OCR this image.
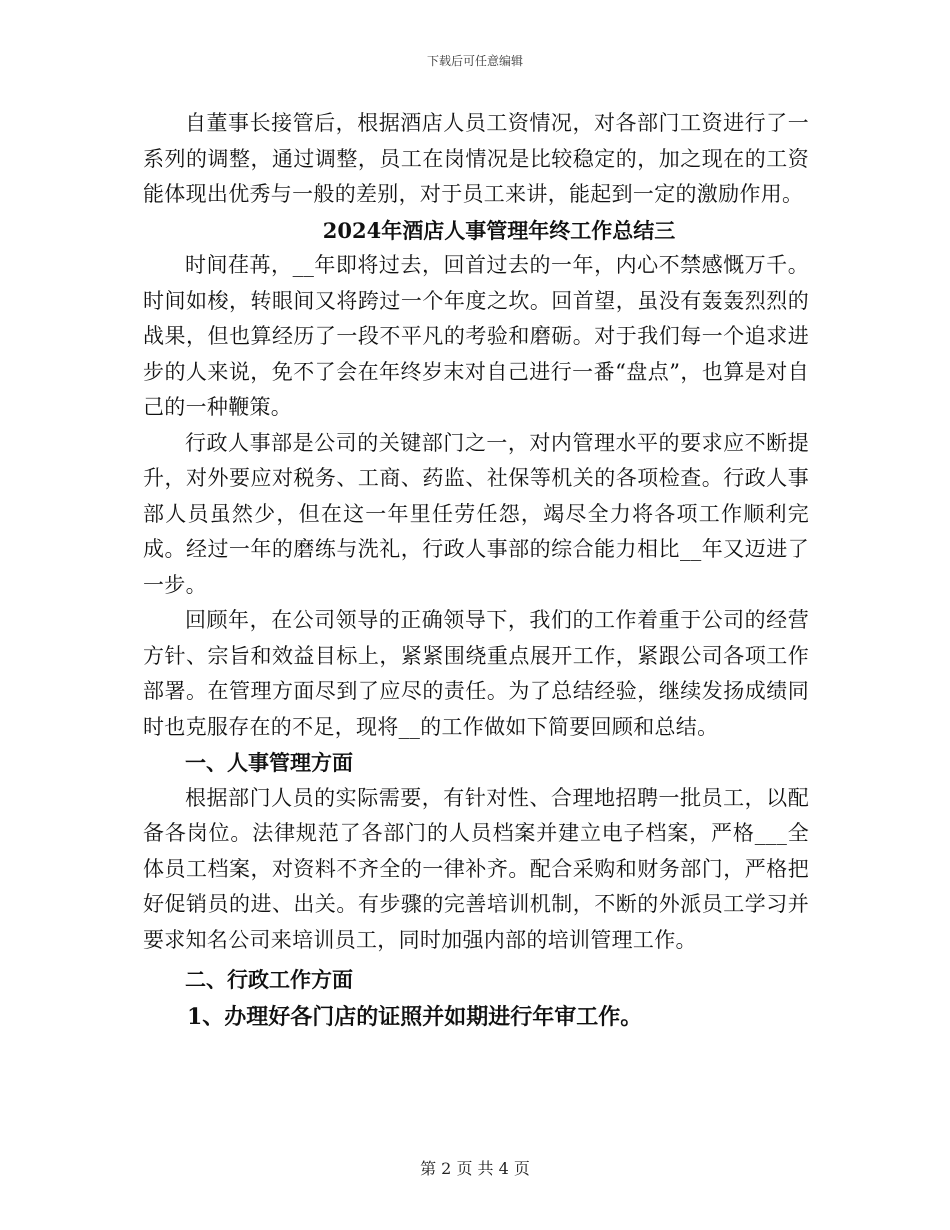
下载后可任意编辑

自董事长接管后，根据酒店人员工资情况，对各部门工资进行了一系列的调整，通过调整，员工在岗情况是比较稳定的，加之现在的工资能体现出优秀与一般的差别，对于员工来讲，能起到一定的激励作用。

2024年酒店人事管理年终工作总结三

时间荏苒，__年即将过去，回首过去的一年，内心不禁感慨万千。时间如梭，转眼间又将跨过一个年度之坎。回首望，虽没有轰轰烈烈的战果，但也算经历了一段不平凡的考验和磨砺。对于我们每一个追求进步的人来说，免不了会在年终岁末对自己进行一番“盘点”，也算是对自己的一种鞭策。

行政人事部是公司的关键部门之一，对内管理水平的要求应不断提升，对外要应对税务、工商、药监、社保等机关的各项检查。行政人事部人员虽然少，但在这一年里任劳任怨，竭尽全力将各项工作顺利完成。经过一年的磨练与洗礼，行政人事部的综合能力相比__年又迈进了一步。

回顾年，在公司领导的正确领导下，我们的工作着重于公司的经营方针、宗旨和效益目标上，紧紧围绕重点展开工作，紧跟公司各项工作部署。在管理方面尽到了应尽的责任。为了总结经验，继续发扬成绩同时也克服存在的不足，现将__的工作做如下简要回顾和总结。

一、人事管理方面

根据部门人员的实际需要，有针对性、合理地招聘一批员工，以配备各岗位。法律规范了各部门的人员档案并建立电子档案，严格___全体员工档案，对资料不齐全的一律补齐。配合采购和财务部门，严格把好促销员的进、出关。有步骤的完善培训机制，不断的外派员工学习并要求知名公司来培训员工，同时加强内部的培训管理工作。

二、行政工作方面

1、办理好各门店的证照并如期进行年审工作。

第 2 页 共 4 页
